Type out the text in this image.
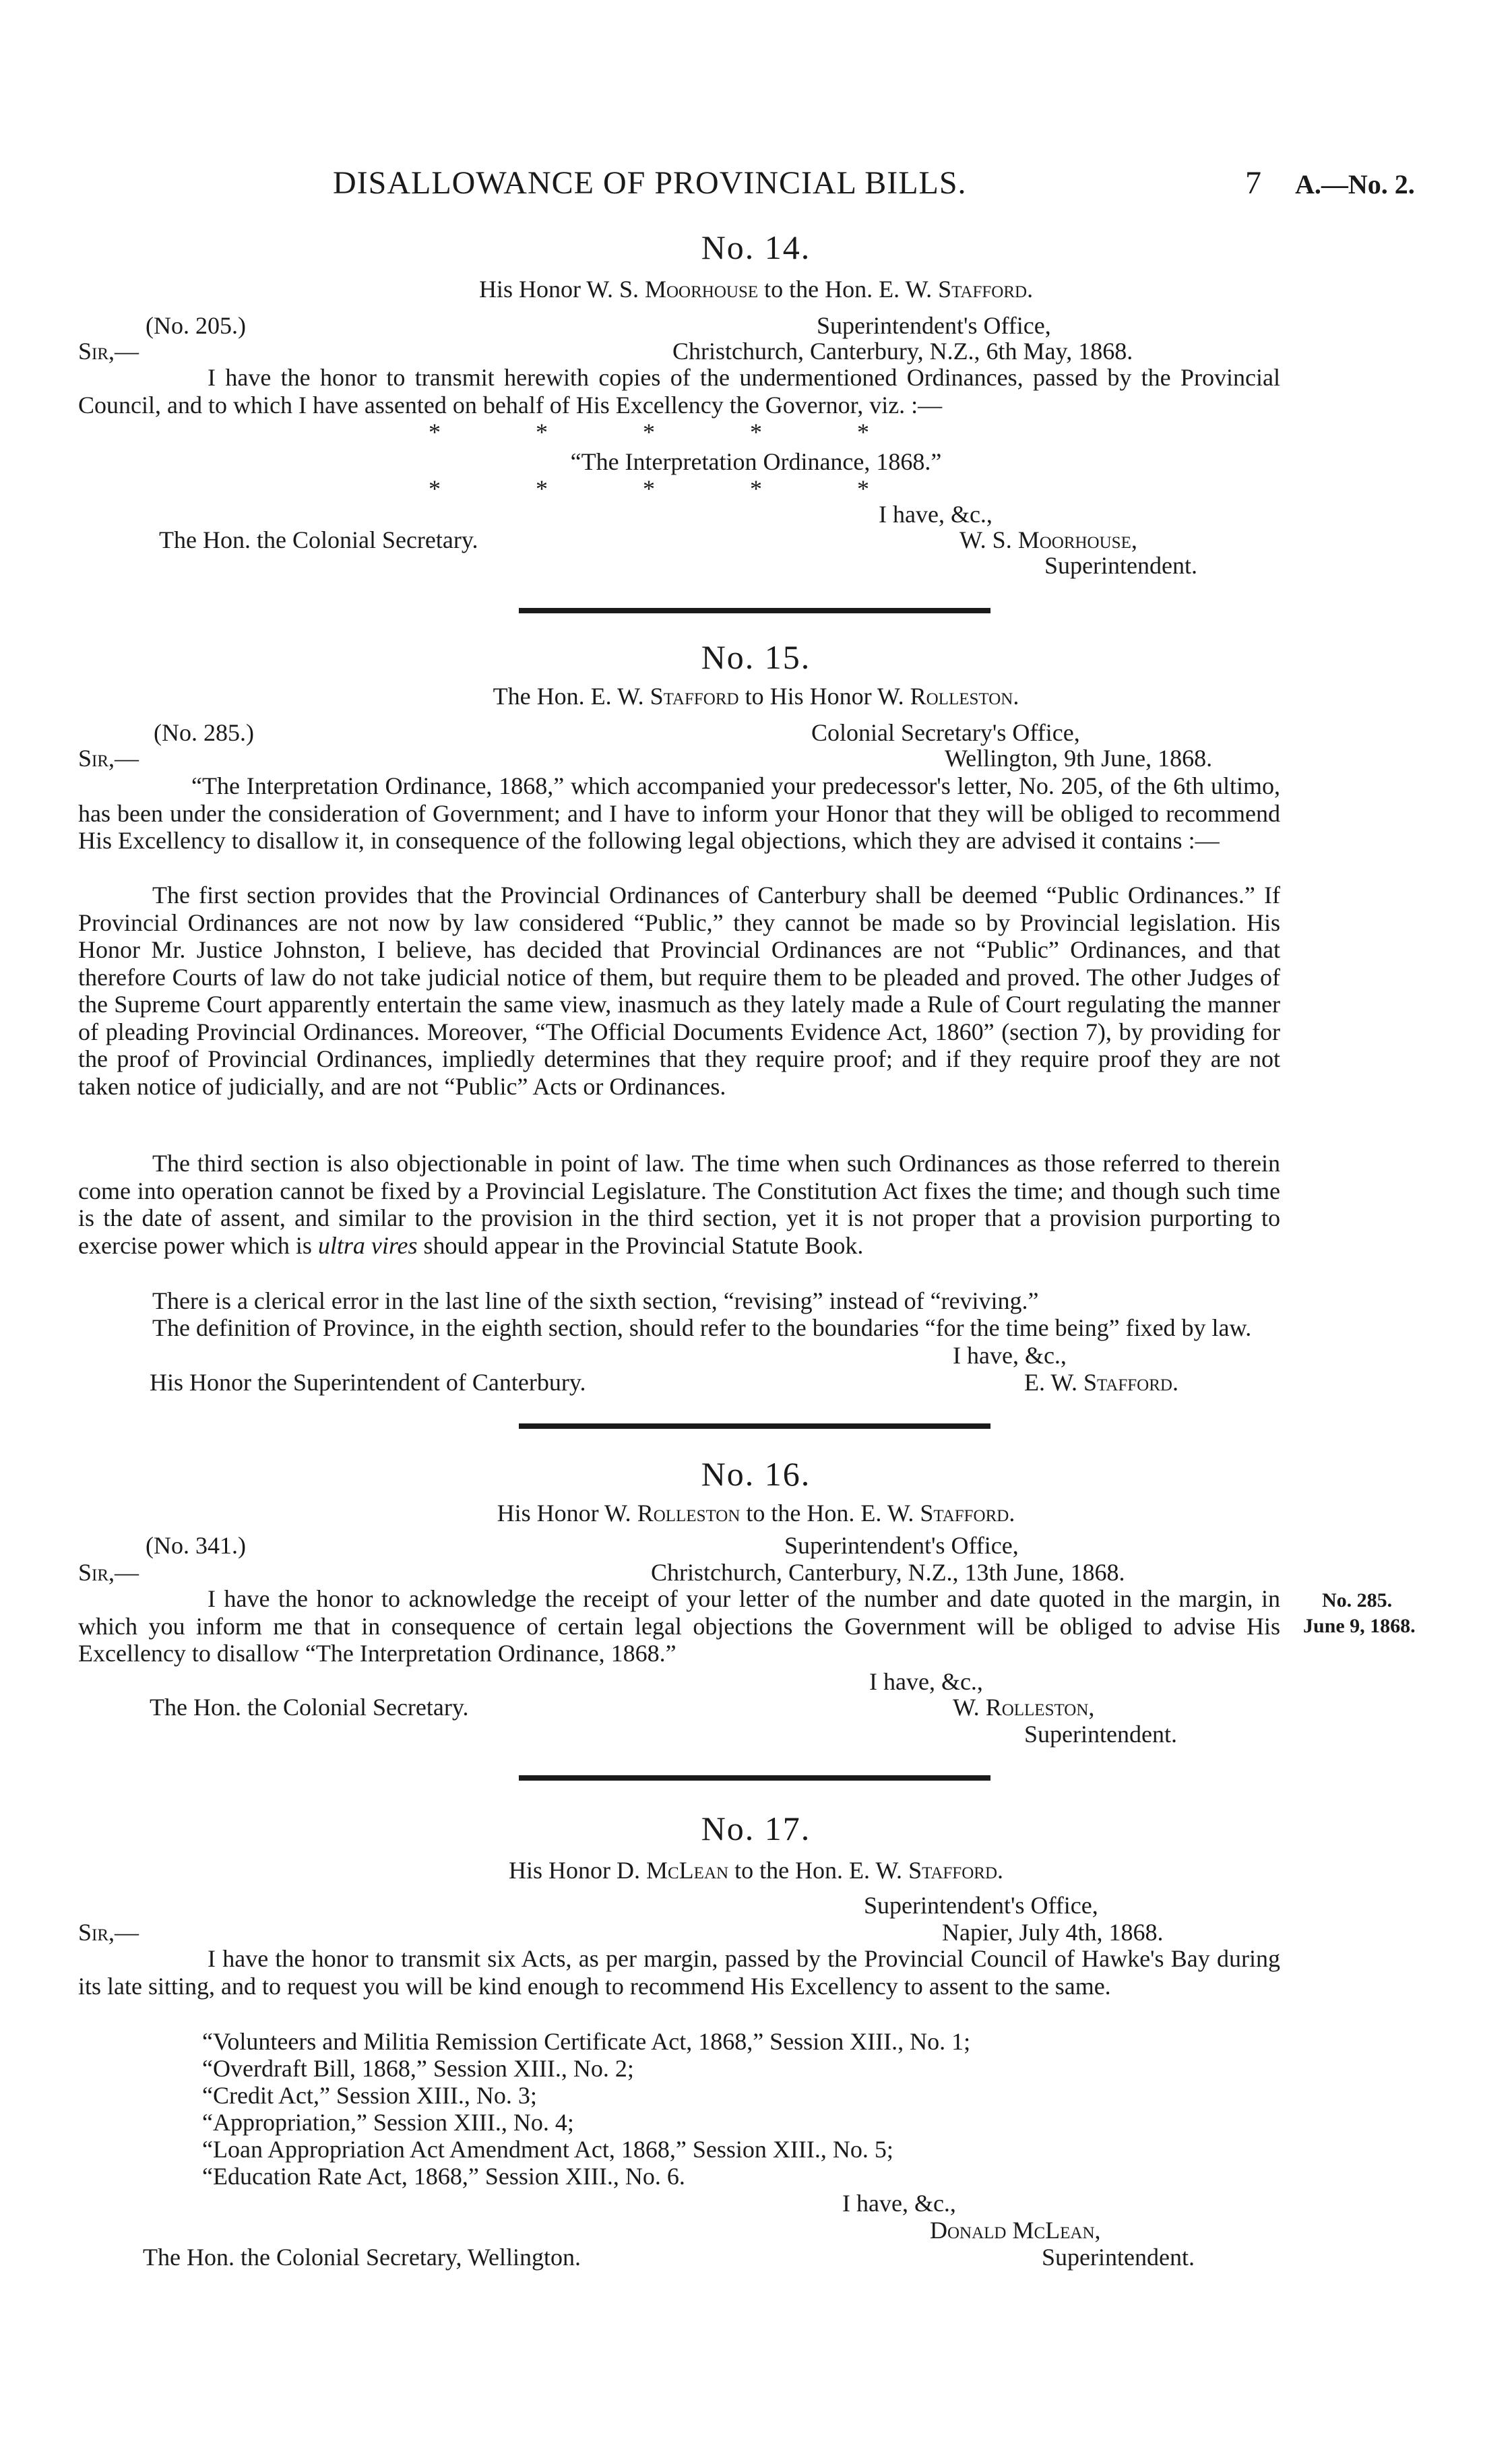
DISALLOWANCE OF PROVINCIAL BILLS.	7 A.—No. 2.
No. 14.
His Honor W. S. Moorhouse to the Hon. E. W. Stafford.
(No. 205.)	Superintendent's Office,
Sir,—	Christchurch, Canterbury, N.Z., 6th May, 1868.
I have the honor to transmit herewith copies of the undermentioned Ordinances, passed by the Provincial Council, and to which I have assented on behalf of His Excellency the Governor, viz. :—
*         *         *         *         *
“The Interpretation Ordinance, 1868.”
*         *         *         *         *
I have, &c.,
The Hon. the Colonial Secretary.	W. S. Moorhouse,
Superintendent.
No. 15.
The Hon. E. W. Stafford to His Honor W. Rolleston.
(No. 285.)	Colonial Secretary's Office,
Sir,—	Wellington, 9th June, 1868.
“The Interpretation Ordinance, 1868,” which accompanied your predecessor's letter, No. 205, of the 6th ultimo, has been under the consideration of Government; and I have to inform your Honor that they will be obliged to recommend His Excellency to disallow it, in consequence of the following legal objections, which they are advised it contains :—
The first section provides that the Provincial Ordinances of Canterbury shall be deemed “Public Ordinances.” If Provincial Ordinances are not now by law considered “Public,” they cannot be made so by Provincial legislation. His Honor Mr. Justice Johnston, I believe, has decided that Provincial Ordinances are not “Public” Ordinances, and that therefore Courts of law do not take judicial notice of them, but require them to be pleaded and proved. The other Judges of the Supreme Court apparently entertain the same view, inasmuch as they lately made a Rule of Court regulating the manner of pleading Provincial Ordinances. Moreover, “The Official Documents Evidence Act, 1860” (section 7), by providing for the proof of Provincial Ordinances, impliedly determines that they require proof; and if they require proof they are not taken notice of judicially, and are not “Public” Acts or Ordinances.
The third section is also objectionable in point of law. The time when such Ordinances as those referred to therein come into operation cannot be fixed by a Provincial Legislature. The Constitution Act fixes the time; and though such time is the date of assent, and similar to the provision in the third section, yet it is not proper that a provision purporting to exercise power which is ultra vires should appear in the Provincial Statute Book.
There is a clerical error in the last line of the sixth section, “revising” instead of “reviving.”
The definition of Province, in the eighth section, should refer to the boundaries “for the time being” fixed by law.
I have, &c.,
His Honor the Superintendent of Canterbury.	E. W. Stafford.
No. 16.
His Honor W. Rolleston to the Hon. E. W. Stafford.
(No. 341.)	Superintendent's Office,
Sir,—	Christchurch, Canterbury, N.Z., 13th June, 1868.
I have the honor to acknowledge the receipt of your letter of the number and date quoted in the margin, in which you inform me that in consequence of certain legal objections the Government will be obliged to advise His Excellency to disallow “The Interpretation Ordinance, 1868.”
No. 285.
June 9, 1868.
I have, &c.,
The Hon. the Colonial Secretary.	W. Rolleston,
Superintendent.
No. 17.
His Honor D. McLean to the Hon. E. W. Stafford.
Superintendent's Office,
Sir,—	Napier, July 4th, 1868.
I have the honor to transmit six Acts, as per margin, passed by the Provincial Council of Hawke's Bay during its late sitting, and to request you will be kind enough to recommend His Excellency to assent to the same.
“Volunteers and Militia Remission Certificate Act, 1868,” Session XIII., No. 1;
“Overdraft Bill, 1868,” Session XIII., No. 2;
“Credit Act,” Session XIII., No. 3;
“Appropriation,” Session XIII., No. 4;
“Loan Appropriation Act Amendment Act, 1868,” Session XIII., No. 5;
“Education Rate Act, 1868,” Session XIII., No. 6.
I have, &c.,
Donald McLean,
The Hon. the Colonial Secretary, Wellington.	Superintendent.
